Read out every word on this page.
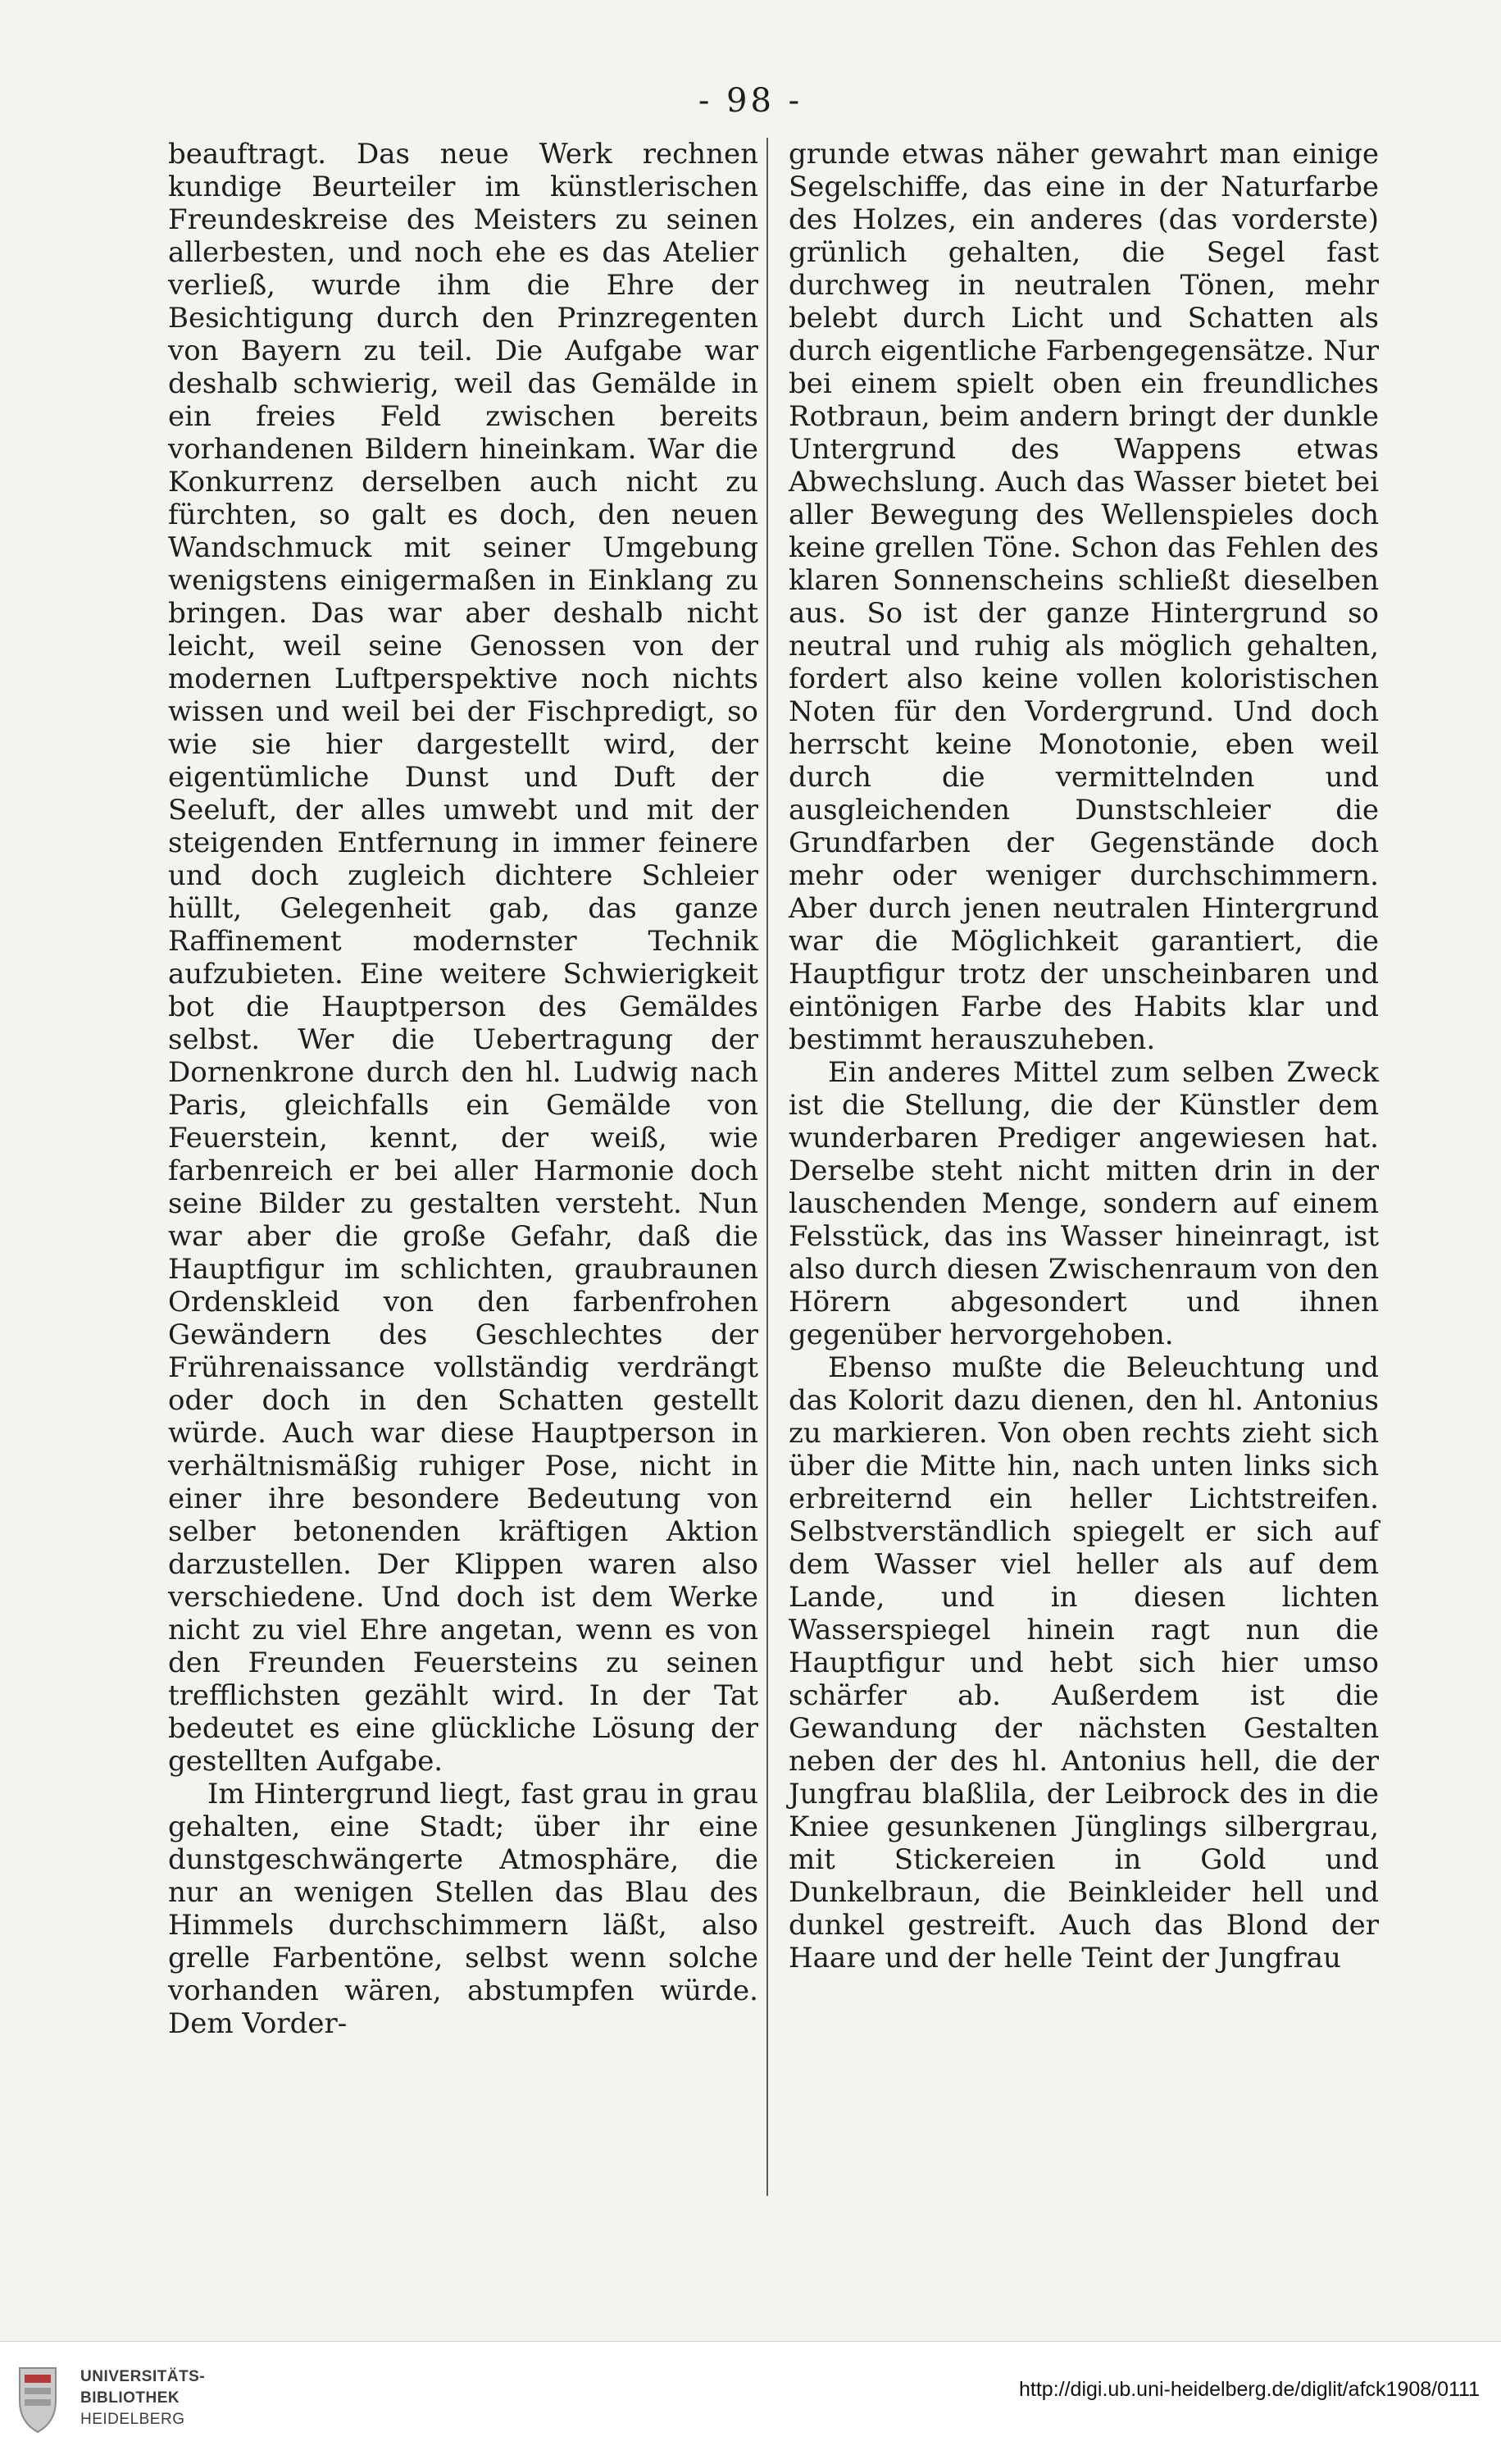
- 98 -

beauftragt. Das neue Werk rechnen kundige Beurteiler im künstlerischen Freundeskreise des Meisters zu seinen allerbesten, und noch ehe es das Atelier verließ, wurde ihm die Ehre der Besichtigung durch den Prinzregenten von Bayern zu teil. Die Aufgabe war deshalb schwierig, weil das Gemälde in ein freies Feld zwischen bereits vorhandenen Bildern hineinkam. War die Konkurrenz derselben auch nicht zu fürchten, so galt es doch, den neuen Wandschmuck mit seiner Umgebung wenigstens einigermaßen in Einklang zu bringen. Das war aber deshalb nicht leicht, weil seine Genossen von der modernen Luftperspektive noch nichts wissen und weil bei der Fischpredigt, so wie sie hier dargestellt wird, der eigentümliche Dunst und Duft der Seeluft, der alles umwebt und mit der steigenden Entfernung in immer feinere und doch zugleich dichtere Schleier hüllt, Gelegenheit gab, das ganze Raffinement modernster Technik aufzubieten. Eine weitere Schwierigkeit bot die Hauptperson des Gemäldes selbst. Wer die Uebertragung der Dornenkrone durch den hl. Ludwig nach Paris, gleichfalls ein Gemälde von Feuerstein, kennt, der weiß, wie farbenreich er bei aller Harmonie doch seine Bilder zu gestalten versteht. Nun war aber die große Gefahr, daß die Hauptfigur im schlichten, graubraunen Ordenskleid von den farbenfrohen Gewändern des Geschlechtes der Frührenaissance vollständig verdrängt oder doch in den Schatten gestellt würde. Auch war diese Hauptperson in verhältnismäßig ruhiger Pose, nicht in einer ihre besondere Bedeutung von selber betonenden kräftigen Aktion darzustellen. Der Klippen waren also verschiedene. Und doch ist dem Werke nicht zu viel Ehre angetan, wenn es von den Freunden Feuersteins zu seinen trefflichsten gezählt wird. In der Tat bedeutet es eine glückliche Lösung der gestellten Aufgabe.

Im Hintergrund liegt, fast grau in grau gehalten, eine Stadt; über ihr eine dunstgeschwängerte Atmosphäre, die nur an wenigen Stellen das Blau des Himmels durchschimmern läßt, also grelle Farbentöne, selbst wenn solche vorhanden wären, abstumpfen würde. Dem Vorder-

grunde etwas näher gewahrt man einige Segelschiffe, das eine in der Naturfarbe des Holzes, ein anderes (das vorderste) grünlich gehalten, die Segel fast durchweg in neutralen Tönen, mehr belebt durch Licht und Schatten als durch eigentliche Farbengegensätze. Nur bei einem spielt oben ein freundliches Rotbraun, beim andern bringt der dunkle Untergrund des Wappens etwas Abwechslung. Auch das Wasser bietet bei aller Bewegung des Wellenspieles doch keine grellen Töne. Schon das Fehlen des klaren Sonnenscheins schließt dieselben aus. So ist der ganze Hintergrund so neutral und ruhig als möglich gehalten, fordert also keine vollen koloristischen Noten für den Vordergrund. Und doch herrscht keine Monotonie, eben weil durch die vermittelnden und ausgleichenden Dunstschleier die Grundfarben der Gegenstände doch mehr oder weniger durchschimmern. Aber durch jenen neutralen Hintergrund war die Möglichkeit garantiert, die Hauptfigur trotz der unscheinbaren und eintönigen Farbe des Habits klar und bestimmt herauszuheben.

Ein anderes Mittel zum selben Zweck ist die Stellung, die der Künstler dem wunderbaren Prediger angewiesen hat. Derselbe steht nicht mitten drin in der lauschenden Menge, sondern auf einem Felsstück, das ins Wasser hineinragt, ist also durch diesen Zwischenraum von den Hörern abgesondert und ihnen gegenüber hervorgehoben.

Ebenso mußte die Beleuchtung und das Kolorit dazu dienen, den hl. Antonius zu markieren. Von oben rechts zieht sich über die Mitte hin, nach unten links sich erbreiternd ein heller Lichtstreifen. Selbstverständlich spiegelt er sich auf dem Wasser viel heller als auf dem Lande, und in diesen lichten Wasserspiegel hinein ragt nun die Hauptfigur und hebt sich hier umso schärfer ab. Außerdem ist die Gewandung der nächsten Gestalten neben der des hl. Antonius hell, die der Jungfrau blaßlila, der Leibrock des in die Kniee gesunkenen Jünglings silbergrau, mit Stickereien in Gold und Dunkelbraun, die Beinkleider hell und dunkel gestreift. Auch das Blond der Haare und der helle Teint der Jungfrau

UNIVERSITÄTS-
BIBLIOTHEK
HEIDELBERG
http://digi.ub.uni-heidelberg.de/diglit/afck1908/0111
